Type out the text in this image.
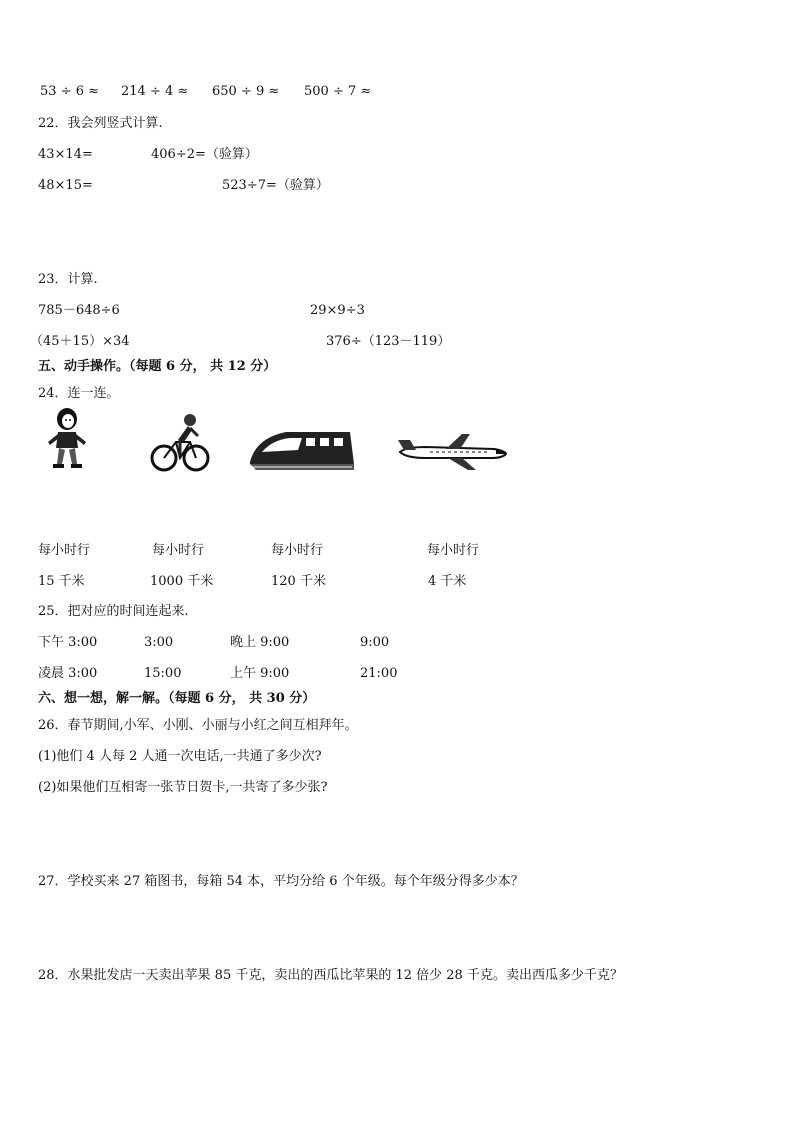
53 ÷ 6 ≈ 214 ÷ 4 ≈ 650 ÷ 9 ≈ 500 ÷ 7 ≈
22．我会列竖式计算.
43×14=	406÷2=（验算）
48×15=	523÷7=（验算）
23．计算.
785－648÷6	29×9÷3
（45＋15）×34	376÷（123－119）
五、动手操作。（每题 6 分， 共 12 分）
24．连一连。
每小时行	每小时行	每小时行	每小时行
15 千米	1000 千米	120 千米	4 千米
25．把对应的时间连起来.
下午 3:00	3:00	晚上 9:00	9:00
凌晨 3:00	15:00	上午 9:00	21:00
六、想一想，解一解。（每题 6 分， 共 30 分）
26．春节期间,小军、小刚、小丽与小红之间互相拜年。
(1)他们 4 人每 2 人通一次电话,一共通了多少次?
(2)如果他们互相寄一张节日贺卡,一共寄了多少张?
27．学校买来 27 箱图书，每箱 54 本，平均分给 6 个年级。每个年级分得多少本？
28．水果批发店一天卖出苹果 85 千克，卖出的西瓜比苹果的 12 倍少 28 千克。卖出西瓜多少千克？
